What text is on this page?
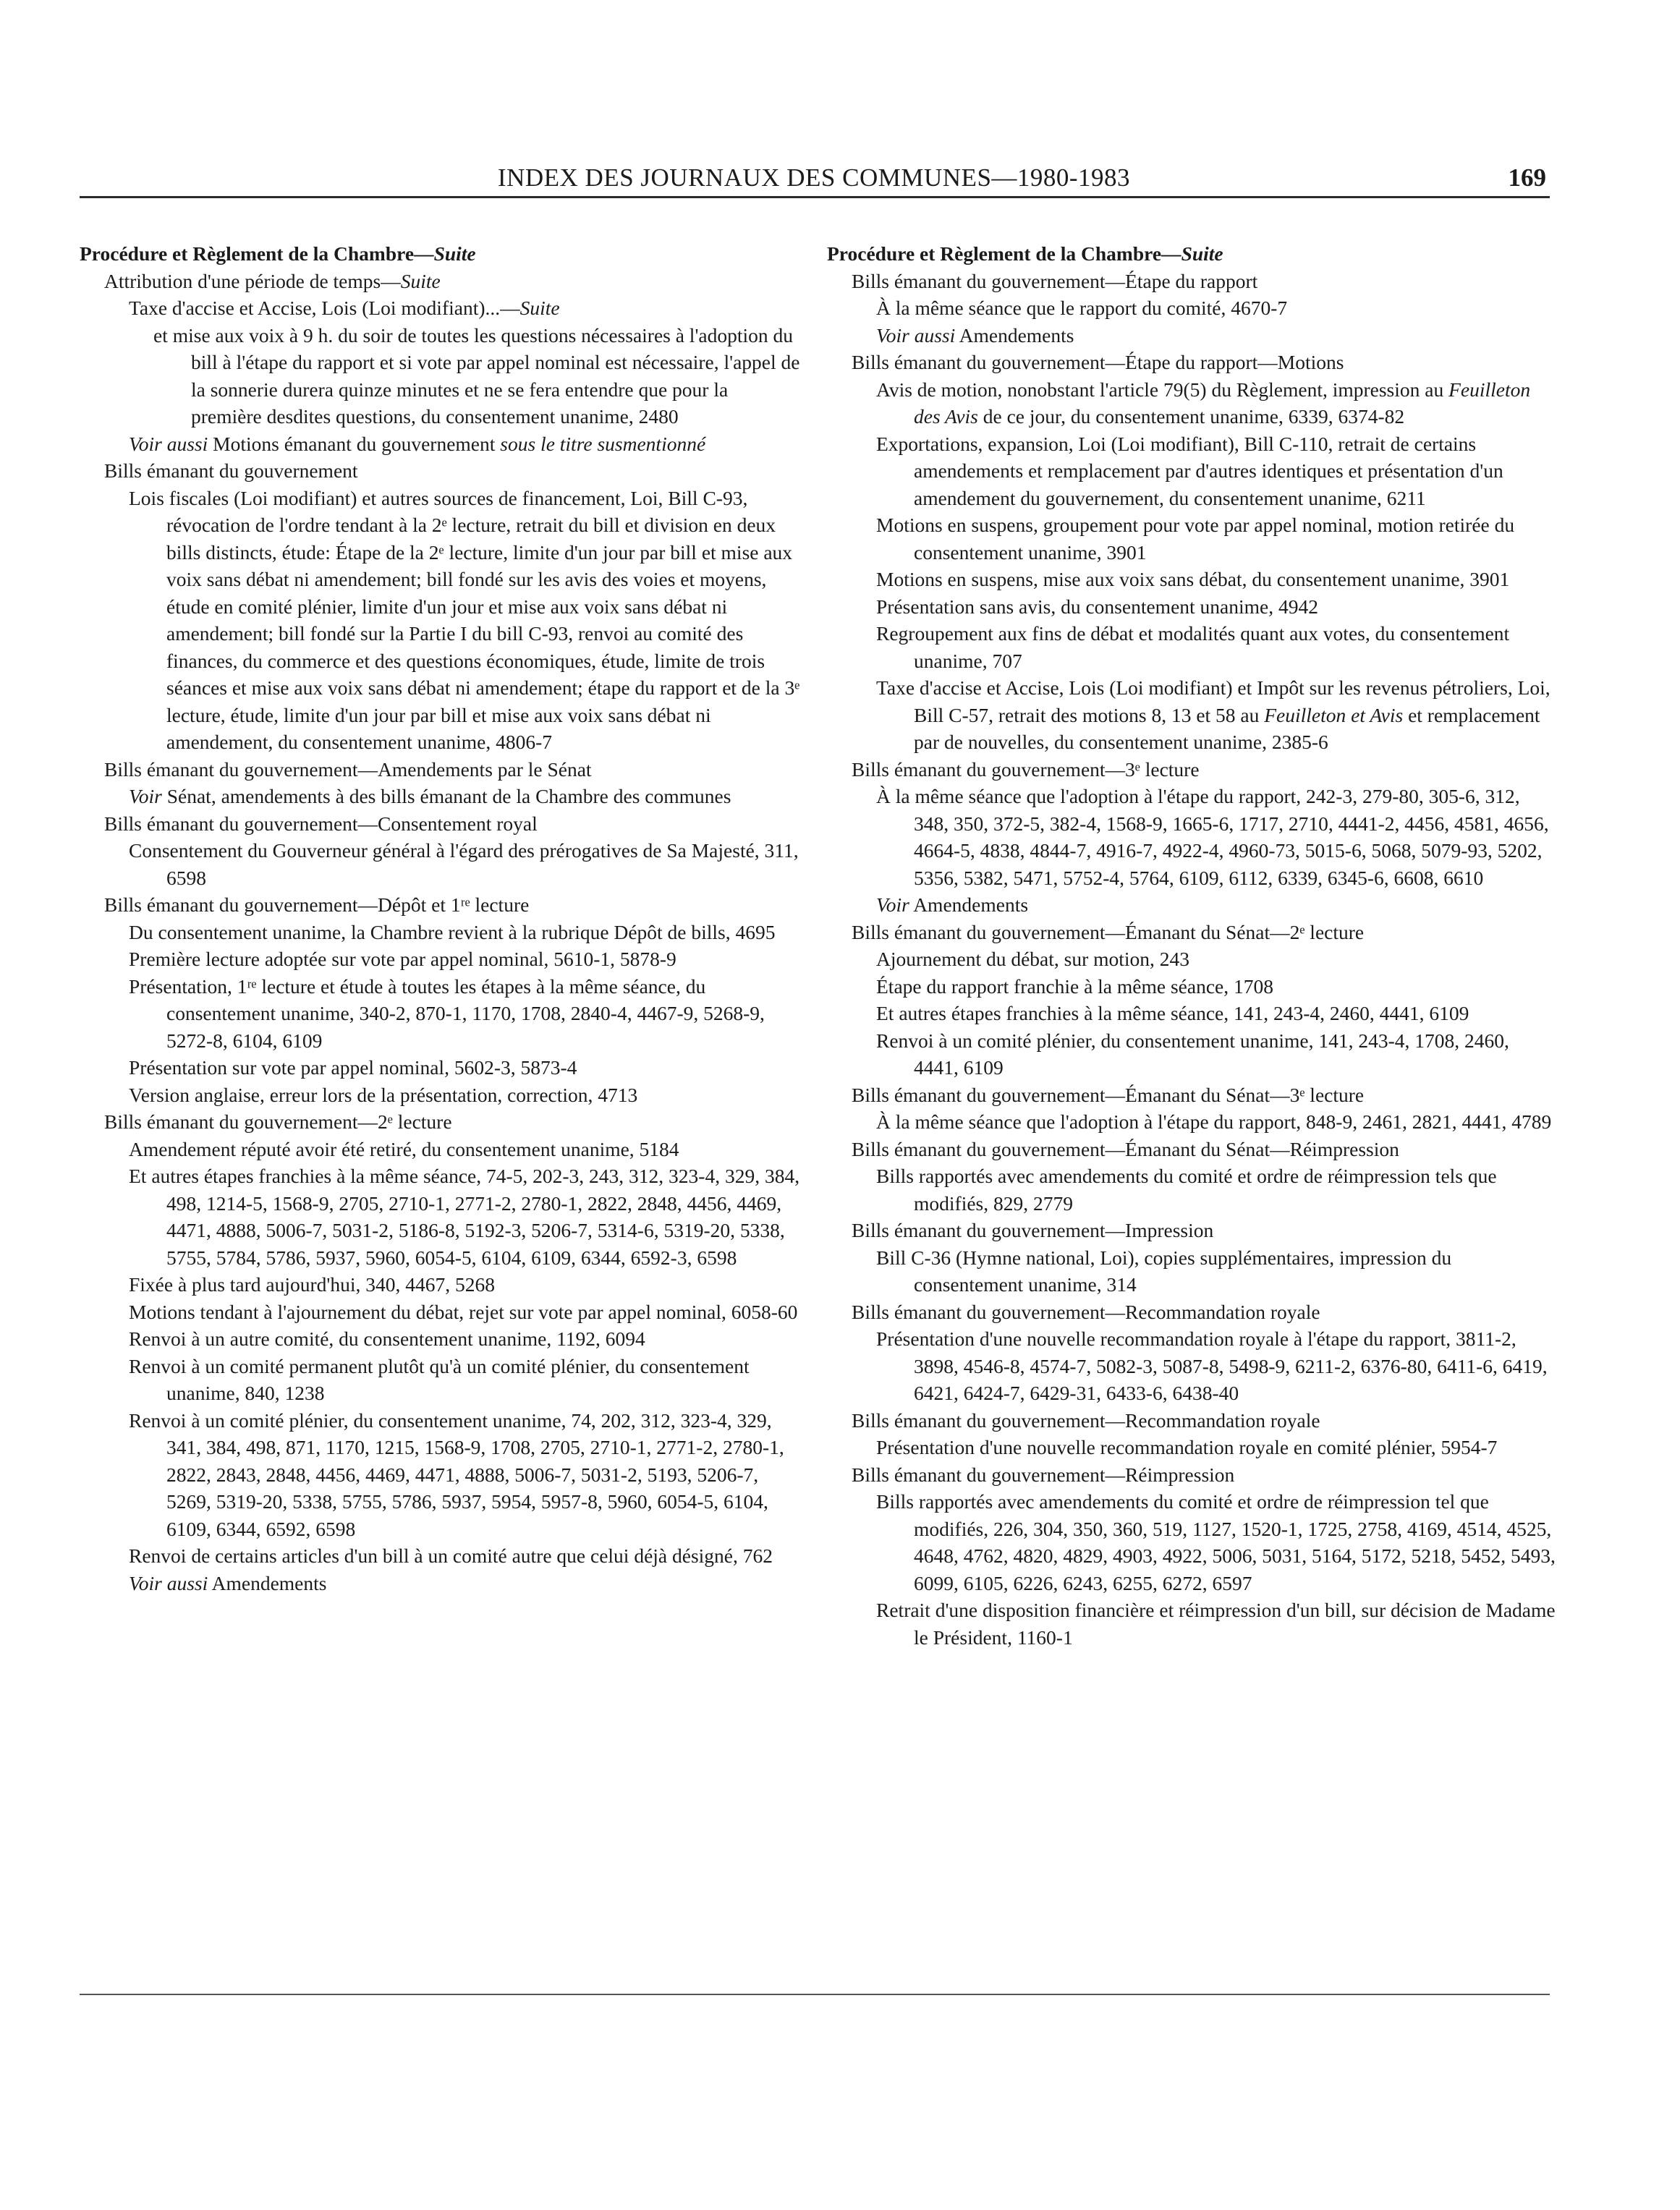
INDEX DES JOURNAUX DES COMMUNES—1980-1983	169
Procédure et Règlement de la Chambre—Suite
Attribution d'une période de temps—Suite
Taxe d'accise et Accise, Lois (Loi modifiant)...—Suite
et mise aux voix à 9 h. du soir de toutes les questions nécessaires à l'adoption du bill à l'étape du rapport et si vote par appel nominal est nécessaire, l'appel de la sonnerie durera quinze minutes et ne se fera entendre que pour la première desdites questions, du consentement unanime, 2480
Voir aussi Motions émanant du gouvernement sous le titre susmentionné
Bills émanant du gouvernement
Lois fiscales (Loi modifiant) et autres sources de financement, Loi, Bill C-93, révocation de l'ordre tendant à la 2ᵉ lecture, retrait du bill et division en deux bills distincts, étude: Étape de la 2ᵉ lecture, limite d'un jour par bill et mise aux voix sans débat ni amendement; bill fondé sur les avis des voies et moyens, étude en comité plénier, limite d'un jour et mise aux voix sans débat ni amendement; bill fondé sur la Partie I du bill C-93, renvoi au comité des finances, du commerce et des questions économiques, étude, limite de trois séances et mise aux voix sans débat ni amendement; étape du rapport et de la 3ᵉ lecture, étude, limite d'un jour par bill et mise aux voix sans débat ni amendement, du consentement unanime, 4806-7
Bills émanant du gouvernement—Amendements par le Sénat
Voir Sénat, amendements à des bills émanant de la Chambre des communes
Bills émanant du gouvernement—Consentement royal
Consentement du Gouverneur général à l'égard des prérogatives de Sa Majesté, 311, 6598
Bills émanant du gouvernement—Dépôt et 1ʳᵉ lecture
Du consentement unanime, la Chambre revient à la rubrique Dépôt de bills, 4695
Première lecture adoptée sur vote par appel nominal, 5610-1, 5878-9
Présentation, 1ʳᵉ lecture et étude à toutes les étapes à la même séance, du consentement unanime, 340-2, 870-1, 1170, 1708, 2840-4, 4467-9, 5268-9, 5272-8, 6104, 6109
Présentation sur vote par appel nominal, 5602-3, 5873-4
Version anglaise, erreur lors de la présentation, correction, 4713
Bills émanant du gouvernement—2ᵉ lecture
Amendement réputé avoir été retiré, du consentement unanime, 5184
Et autres étapes franchies à la même séance, 74-5, 202-3, 243, 312, 323-4, 329, 384, 498, 1214-5, 1568-9, 2705, 2710-1, 2771-2, 2780-1, 2822, 2848, 4456, 4469, 4471, 4888, 5006-7, 5031-2, 5186-8, 5192-3, 5206-7, 5314-6, 5319-20, 5338, 5755, 5784, 5786, 5937, 5960, 6054-5, 6104, 6109, 6344, 6592-3, 6598
Fixée à plus tard aujourd'hui, 340, 4467, 5268
Motions tendant à l'ajournement du débat, rejet sur vote par appel nominal, 6058-60
Renvoi à un autre comité, du consentement unanime, 1192, 6094
Renvoi à un comité permanent plutôt qu'à un comité plénier, du consentement unanime, 840, 1238
Renvoi à un comité plénier, du consentement unanime, 74, 202, 312, 323-4, 329, 341, 384, 498, 871, 1170, 1215, 1568-9, 1708, 2705, 2710-1, 2771-2, 2780-1, 2822, 2843, 2848, 4456, 4469, 4471, 4888, 5006-7, 5031-2, 5193, 5206-7, 5269, 5319-20, 5338, 5755, 5786, 5937, 5954, 5957-8, 5960, 6054-5, 6104, 6109, 6344, 6592, 6598
Renvoi de certains articles d'un bill à un comité autre que celui déjà désigné, 762
Voir aussi Amendements
Procédure et Règlement de la Chambre—Suite
Bills émanant du gouvernement—Étape du rapport
À la même séance que le rapport du comité, 4670-7
Voir aussi Amendements
Bills émanant du gouvernement—Étape du rapport—Motions
Avis de motion, nonobstant l'article 79(5) du Règlement, impression au Feuilleton des Avis de ce jour, du consentement unanime, 6339, 6374-82
Exportations, expansion, Loi (Loi modifiant), Bill C-110, retrait de certains amendements et remplacement par d'autres identiques et présentation d'un amendement du gouvernement, du consentement unanime, 6211
Motions en suspens, groupement pour vote par appel nominal, motion retirée du consentement unanime, 3901
Motions en suspens, mise aux voix sans débat, du consentement unanime, 3901
Présentation sans avis, du consentement unanime, 4942
Regroupement aux fins de débat et modalités quant aux votes, du consentement unanime, 707
Taxe d'accise et Accise, Lois (Loi modifiant) et Impôt sur les revenus pétroliers, Loi, Bill C-57, retrait des motions 8, 13 et 58 au Feuilleton et Avis et remplacement par de nouvelles, du consentement unanime, 2385-6
Bills émanant du gouvernement—3ᵉ lecture
À la même séance que l'adoption à l'étape du rapport, 242-3, 279-80, 305-6, 312, 348, 350, 372-5, 382-4, 1568-9, 1665-6, 1717, 2710, 4441-2, 4456, 4581, 4656, 4664-5, 4838, 4844-7, 4916-7, 4922-4, 4960-73, 5015-6, 5068, 5079-93, 5202, 5356, 5382, 5471, 5752-4, 5764, 6109, 6112, 6339, 6345-6, 6608, 6610
Voir Amendements
Bills émanant du gouvernement—Émanant du Sénat—2ᵉ lecture
Ajournement du débat, sur motion, 243
Étape du rapport franchie à la même séance, 1708
Et autres étapes franchies à la même séance, 141, 243-4, 2460, 4441, 6109
Renvoi à un comité plénier, du consentement unanime, 141, 243-4, 1708, 2460, 4441, 6109
Bills émanant du gouvernement—Émanant du Sénat—3ᵉ lecture
À la même séance que l'adoption à l'étape du rapport, 848-9, 2461, 2821, 4441, 4789
Bills émanant du gouvernement—Émanant du Sénat—Réimpression
Bills rapportés avec amendements du comité et ordre de réimpression tels que modifiés, 829, 2779
Bills émanant du gouvernement—Impression
Bill C-36 (Hymne national, Loi), copies supplémentaires, impression du consentement unanime, 314
Bills émanant du gouvernement—Recommandation royale
Présentation d'une nouvelle recommandation royale à l'étape du rapport, 3811-2, 3898, 4546-8, 4574-7, 5082-3, 5087-8, 5498-9, 6211-2, 6376-80, 6411-6, 6419, 6421, 6424-7, 6429-31, 6433-6, 6438-40
Bills émanant du gouvernement—Recommandation royale
Présentation d'une nouvelle recommandation royale en comité plénier, 5954-7
Bills émanant du gouvernement—Réimpression
Bills rapportés avec amendements du comité et ordre de réimpression tel que modifiés, 226, 304, 350, 360, 519, 1127, 1520-1, 1725, 2758, 4169, 4514, 4525, 4648, 4762, 4820, 4829, 4903, 4922, 5006, 5031, 5164, 5172, 5218, 5452, 5493, 6099, 6105, 6226, 6243, 6255, 6272, 6597
Retrait d'une disposition financière et réimpression d'un bill, sur décision de Madame le Président, 1160-1
